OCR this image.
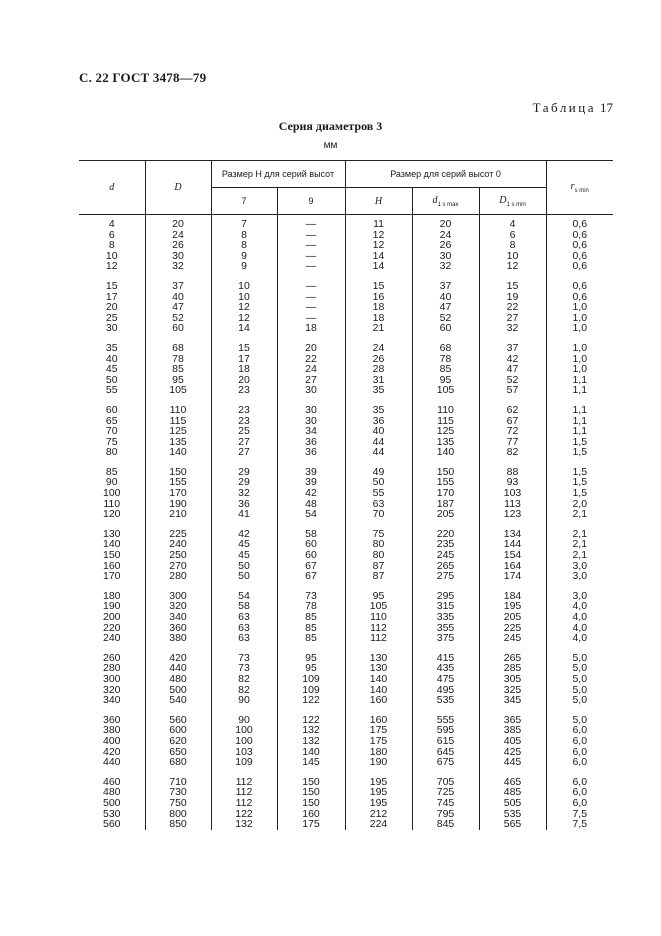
С. 22 ГОСТ 3478—79
Таблица 17
Серия диаметров 3
мм
d	D	Размер H для серий высот		Размер для серий высот 0			$r_{s min}$
		7	9	H	$d_{1 s max}$	$D_{1 s min}$
4	20	7	—	11	20	4	0,6
6	24	8	—	12	24	6	0,6
8	26	8	—	12	26	8	0,6
10	30	9	—	14	30	10	0,6
12	32	9	—	14	32	12	0,6

15	37	10	—	15	37	15	0,6
17	40	10	—	16	40	19	0,6
20	47	12	—	18	47	22	1,0
25	52	12	—	18	52	27	1,0
30	60	14	18	21	60	32	1,0

35	68	15	20	24	68	37	1,0
40	78	17	22	26	78	42	1,0
45	85	18	24	28	85	47	1,0
50	95	20	27	31	95	52	1,1
55	105	23	30	35	105	57	1,1

60	110	23	30	35	110	62	1,1
65	115	23	30	36	115	67	1,1
70	125	25	34	40	125	72	1,1
75	135	27	36	44	135	77	1,5
80	140	27	36	44	140	82	1,5

85	150	29	39	49	150	88	1,5
90	155	29	39	50	155	93	1,5
100	170	32	42	55	170	103	1,5
110	190	36	48	63	187	113	2,0
120	210	41	54	70	205	123	2,1

130	225	42	58	75	220	134	2,1
140	240	45	60	80	235	144	2,1
150	250	45	60	80	245	154	2,1
160	270	50	67	87	265	164	3,0
170	280	50	67	87	275	174	3,0

180	300	54	73	95	295	184	3,0
190	320	58	78	105	315	195	4,0
200	340	63	85	110	335	205	4,0
220	360	63	85	112	355	225	4,0
240	380	63	85	112	375	245	4,0

260	420	73	95	130	415	265	5,0
280	440	73	95	130	435	285	5,0
300	480	82	109	140	475	305	5,0
320	500	82	109	140	495	325	5,0
340	540	90	122	160	535	345	5,0

360	560	90	122	160	555	365	5,0
380	600	100	132	175	595	385	6,0
400	620	100	132	175	615	405	6,0
420	650	103	140	180	645	425	6,0
440	680	109	145	190	675	445	6,0

460	710	112	150	195	705	465	6,0
480	730	112	150	195	725	485	6,0
500	750	112	150	195	745	505	6,0
530	800	122	160	212	795	535	7,5
560	850	132	175	224	845	565	7,5
